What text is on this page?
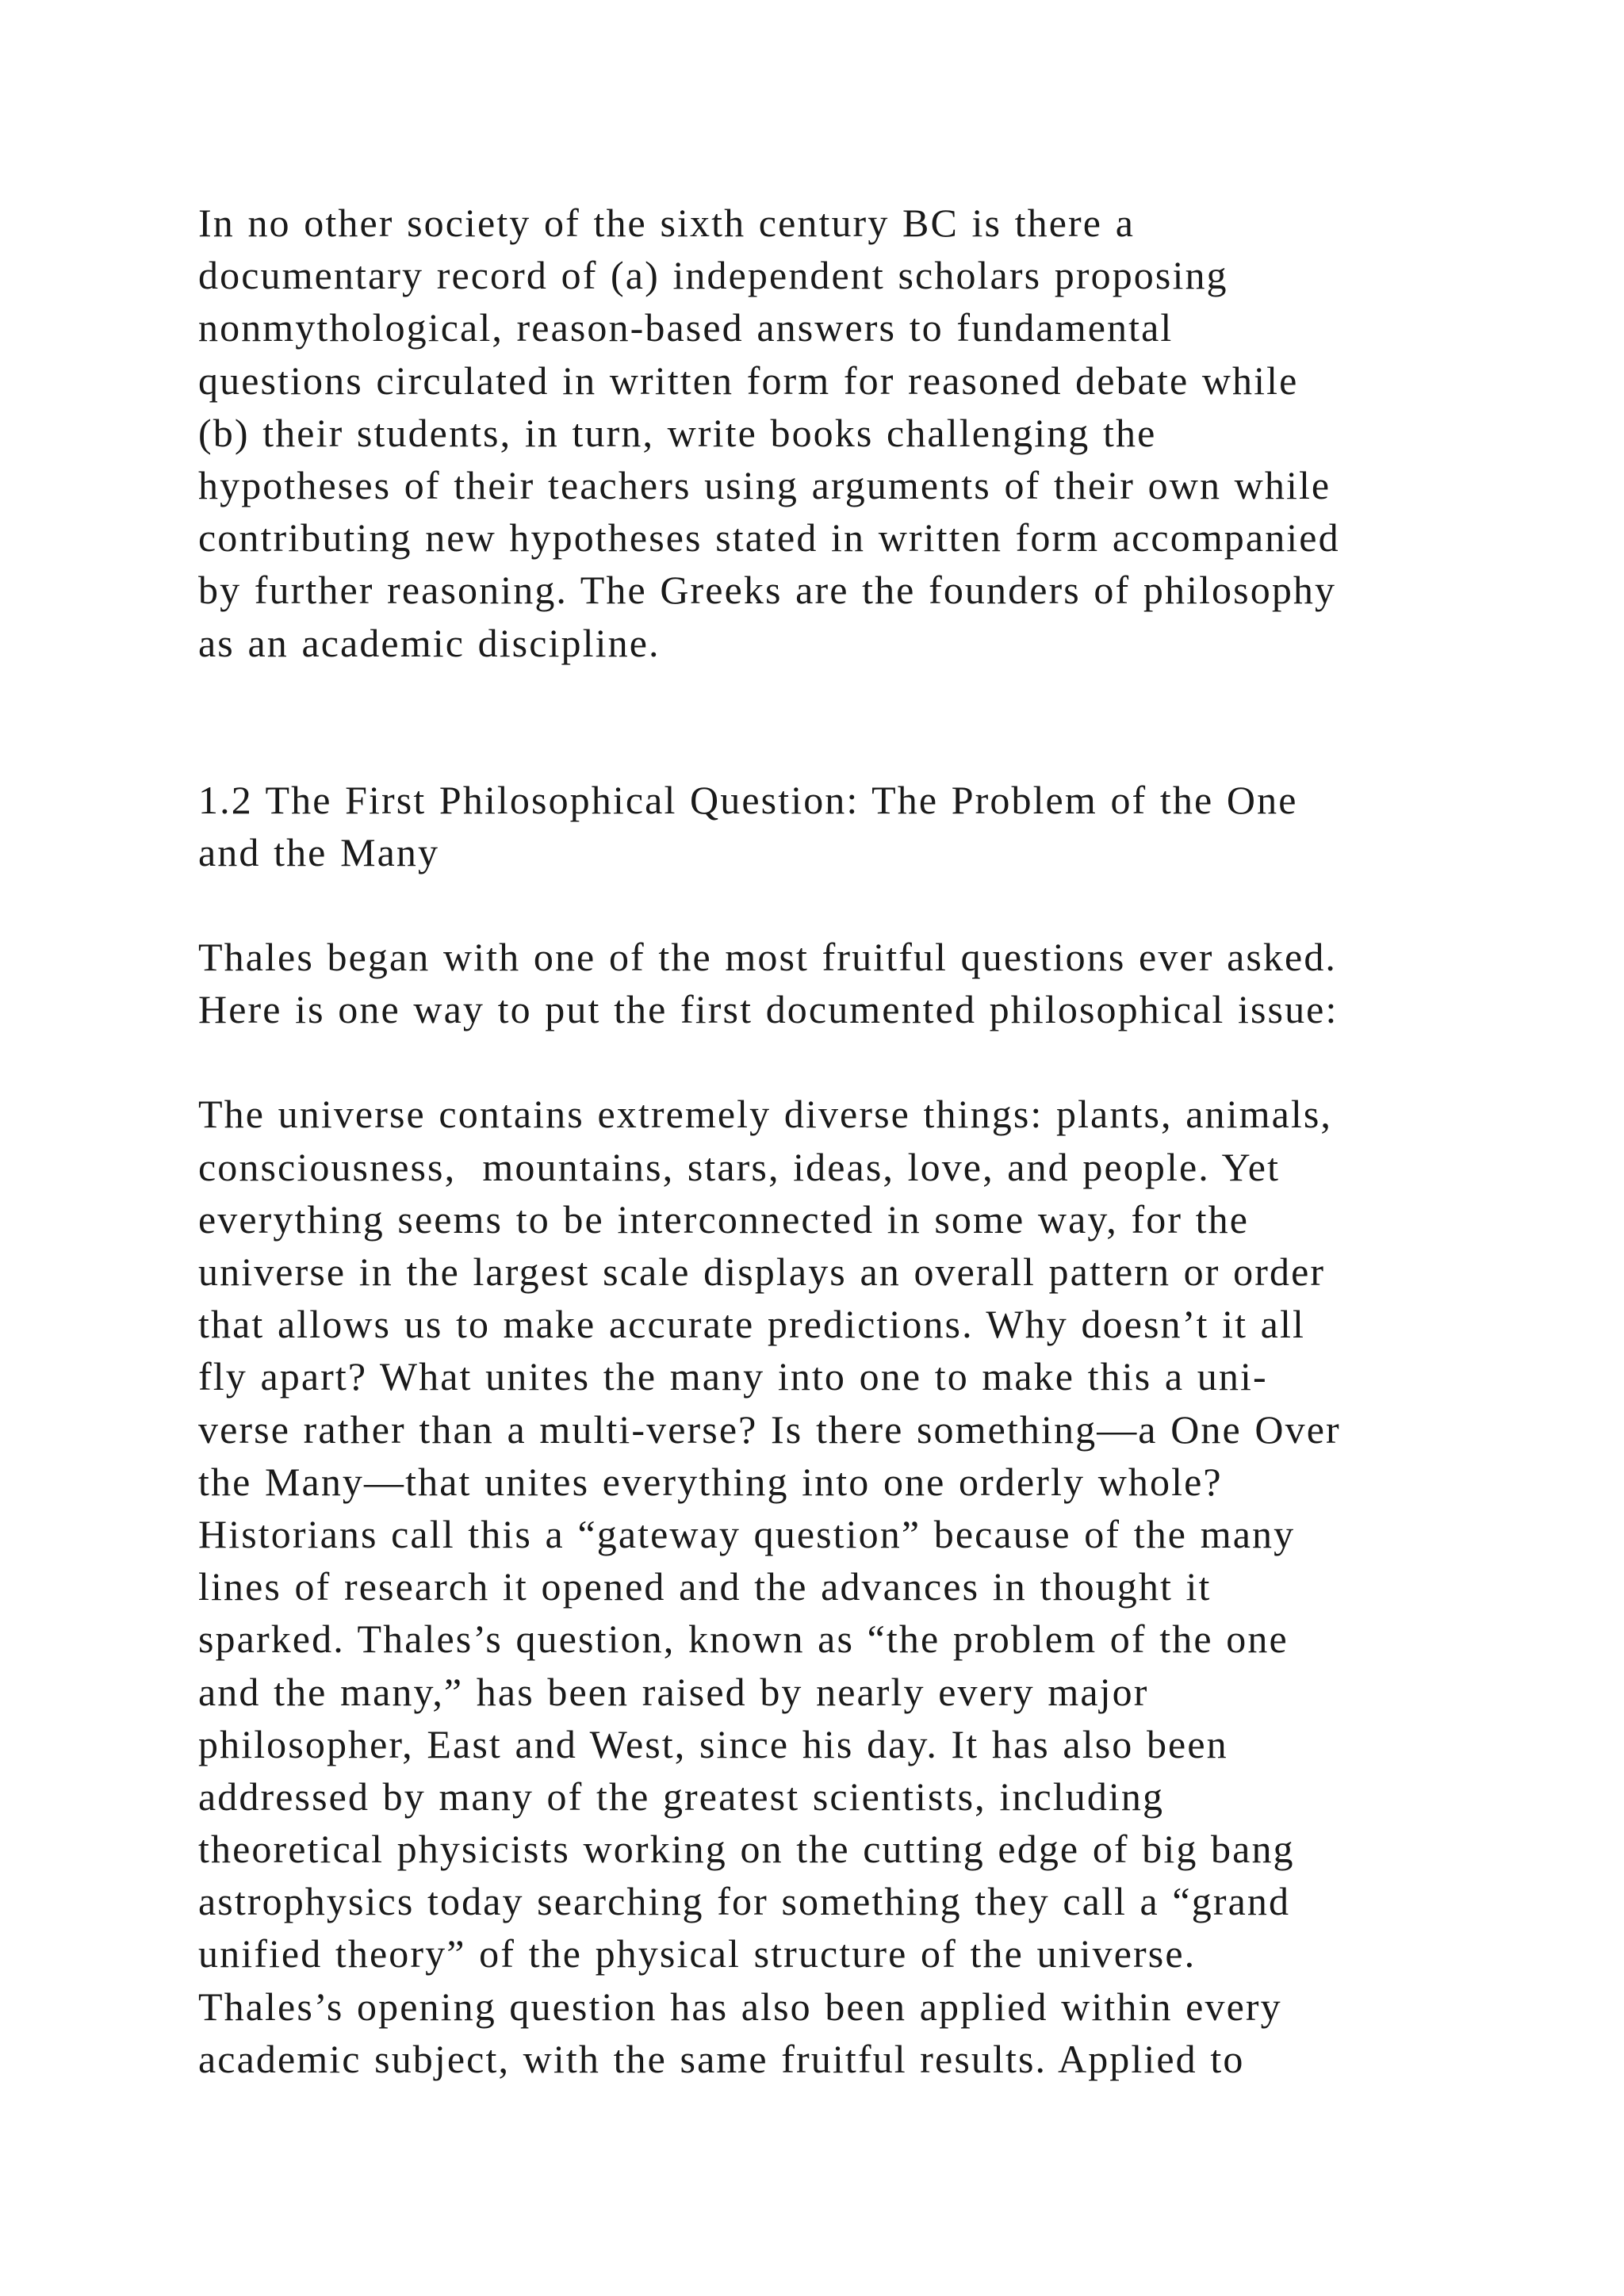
In no other society of the sixth century BC is there a
documentary record of (a) independent scholars proposing
nonmythological, reason-based answers to fundamental
questions circulated in written form for reasoned debate while
(b) their students, in turn, write books challenging the
hypotheses of their teachers using arguments of their own while
contributing new hypotheses stated in written form accompanied
by further reasoning. The Greeks are the founders of philosophy
as an academic discipline.
1.2 The First Philosophical Question: The Problem of the One
and the Many
Thales began with one of the most fruitful questions ever asked.
Here is one way to put the first documented philosophical issue:
The universe contains extremely diverse things: plants, animals,
consciousness,  mountains, stars, ideas, love, and people. Yet
everything seems to be interconnected in some way, for the
universe in the largest scale displays an overall pattern or order
that allows us to make accurate predictions. Why doesn’t it all
fly apart? What unites the many into one to make this a uni-
verse rather than a multi-verse? Is there something—a One Over
the Many—that unites everything into one orderly whole?
Historians call this a “gateway question” because of the many
lines of research it opened and the advances in thought it
sparked. Thales’s question, known as “the problem of the one
and the many,” has been raised by nearly every major
philosopher, East and West, since his day. It has also been
addressed by many of the greatest scientists, including
theoretical physicists working on the cutting edge of big bang
astrophysics today searching for something they call a “grand
unified theory” of the physical structure of the universe.
Thales’s opening question has also been applied within every
academic subject, with the same fruitful results. Applied to
